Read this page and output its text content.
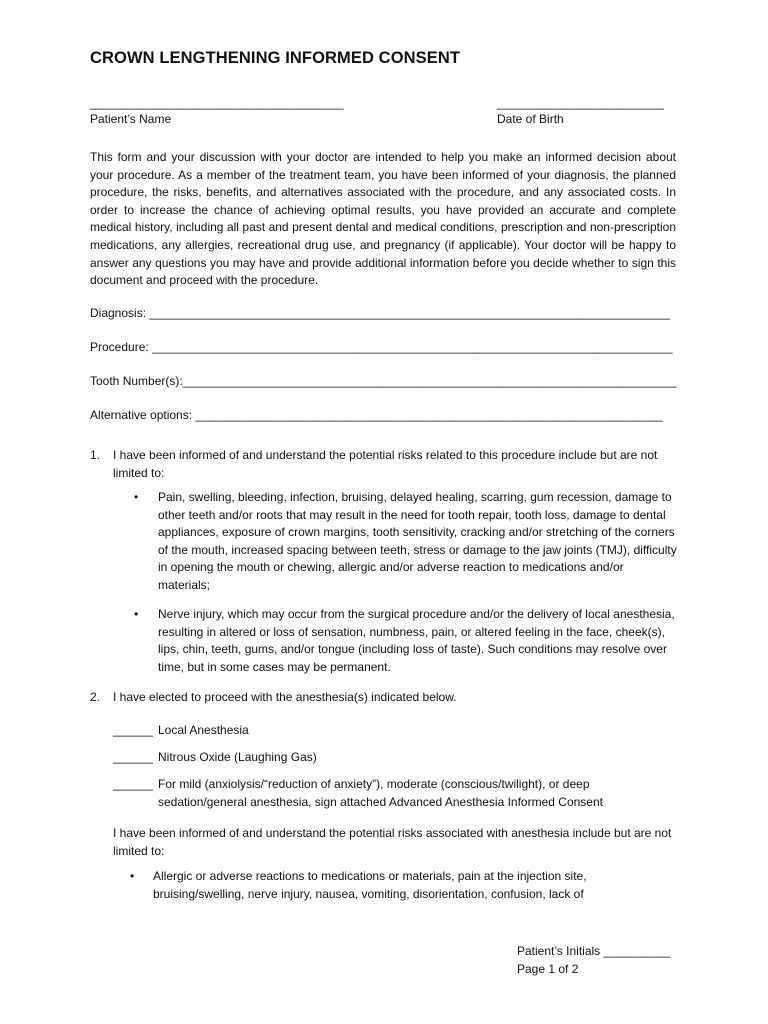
CROWN LENGTHENING INFORMED CONSENT
______________________________________
Patient’s Name
_________________________
Date of Birth
This form and your discussion with your doctor are intended to help you make an informed decision about your procedure. As a member of the treatment team, you have been informed of your diagnosis, the planned procedure, the risks, benefits, and alternatives associated with the procedure, and any associated costs. In order to increase the chance of achieving optimal results, you have provided an accurate and complete medical history, including all past and present dental and medical conditions, prescription and non-prescription medications, any allergies, recreational drug use, and pregnancy (if applicable). Your doctor will be happy to answer any questions you may have and provide additional information before you decide whether to sign this document and proceed with the procedure.
Diagnosis: ______________________________________________________________________________
Procedure: ______________________________________________________________________________
Tooth Number(s):__________________________________________________________________________
Alternative options: ______________________________________________________________________
1. I have been informed of and understand the potential risks related to this procedure include but are not limited to:
• Pain, swelling, bleeding, infection, bruising, delayed healing, scarring, gum recession, damage to other teeth and/or roots that may result in the need for tooth repair, tooth loss, damage to dental appliances, exposure of crown margins, tooth sensitivity, cracking and/or stretching of the corners of the mouth, increased spacing between teeth, stress or damage to the jaw joints (TMJ), difficulty in opening the mouth or chewing, allergic and/or adverse reaction to medications and/or materials;
• Nerve injury, which may occur from the surgical procedure and/or the delivery of local anesthesia, resulting in altered or loss of sensation, numbness, pain, or altered feeling in the face, cheek(s), lips, chin, teeth, gums, and/or tongue (including loss of taste). Such conditions may resolve over time, but in some cases may be permanent.
2. I have elected to proceed with the anesthesia(s) indicated below.
______ Local Anesthesia
______ Nitrous Oxide (Laughing Gas)
______ For mild (anxiolysis/“reduction of anxiety”), moderate (conscious/twilight), or deep sedation/general anesthesia, sign attached Advanced Anesthesia Informed Consent
I have been informed of and understand the potential risks associated with anesthesia include but are not limited to:
• Allergic or adverse reactions to medications or materials, pain at the injection site, bruising/swelling, nerve injury, nausea, vomiting, disorientation, confusion, lack of
Patient’s Initials __________
Page 1 of 2
